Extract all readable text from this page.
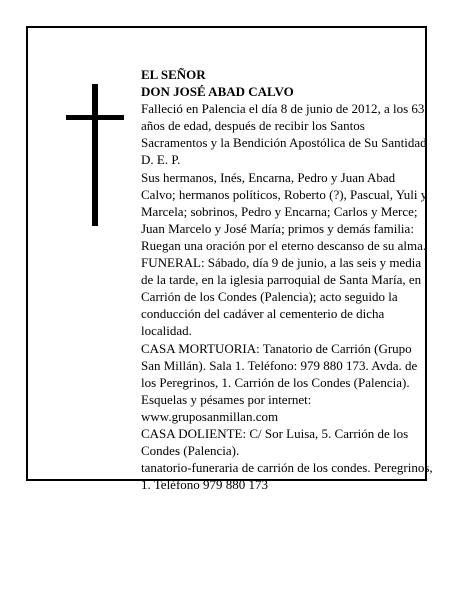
EL SEÑOR
DON JOSÉ ABAD CALVO
Falleció en Palencia el día 8 de junio de 2012, a los 63
años de edad, después de recibir los Santos
Sacramentos y la Bendición Apostólica de Su Santidad
D. E. P.
Sus hermanos, Inés, Encarna, Pedro y Juan Abad
Calvo; hermanos políticos, Roberto (?), Pascual, Yuli y
Marcela; sobrinos, Pedro y Encarna; Carlos y Merce;
Juan Marcelo y José María; primos y demás familia:
Ruegan una oración por el eterno descanso de su alma.
FUNERAL: Sábado, día 9 de junio, a las seis y media
de la tarde, en la iglesia parroquial de Santa María, en
Carrión de los Condes (Palencia); acto seguido la
conducción del cadáver al cementerio de dicha
localidad.
CASA MORTUORIA: Tanatorio de Carrión (Grupo
San Millán). Sala 1. Teléfono: 979 880 173. Avda. de
los Peregrinos, 1. Carrión de los Condes (Palencia).
Esquelas y pésames por internet:
www.gruposanmillan.com
CASA DOLIENTE: C/ Sor Luisa, 5. Carrión de los
Condes (Palencia).
tanatorio-funeraria de carrión de los condes. Peregrinos,
1. Teléfono 979 880 173
